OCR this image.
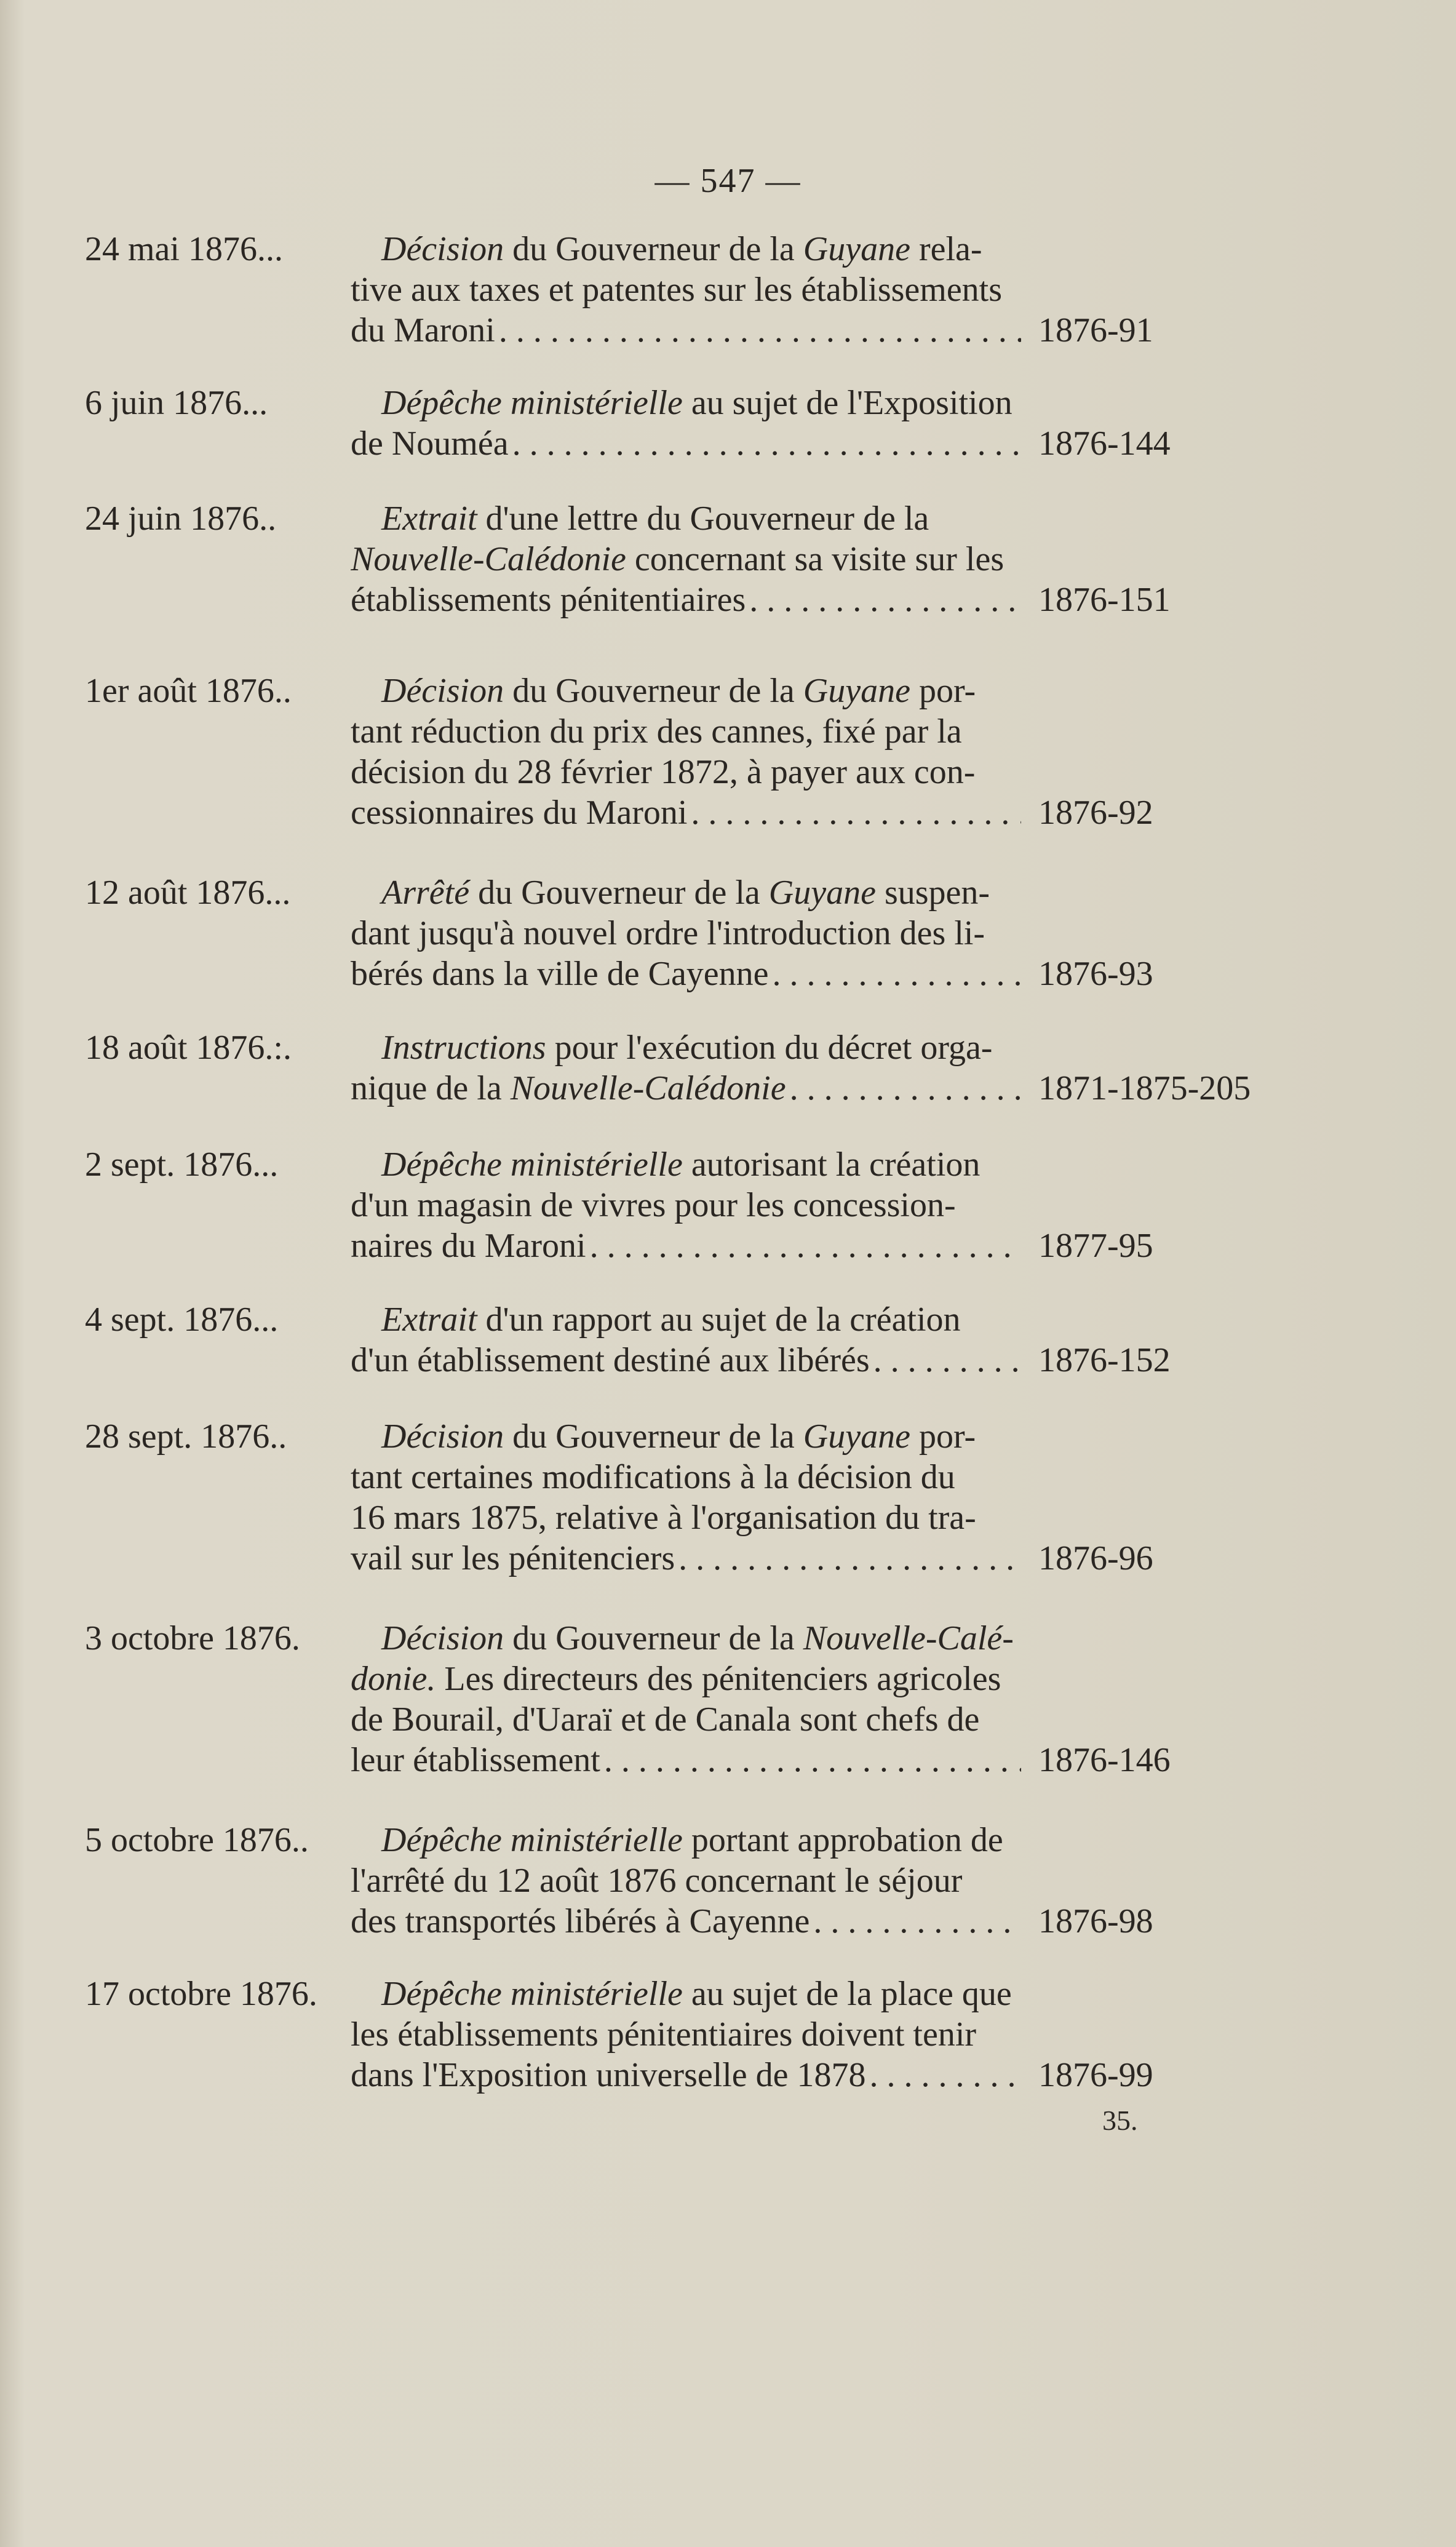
— 547 —
24 mai 1876...	Décision du Gouverneur de la Guyane rela-
tive aux taxes et patentes sur les établissements
du Maroni .....	1876-91
6 juin 1876...	Dépêche ministérielle au sujet de l'Exposition
de Nouméa .....	1876-144
24 juin 1876..	Extrait d'une lettre du Gouverneur de la
Nouvelle-Calédonie concernant sa visite sur les
établissements pénitentiaires .....	1876-151
1er août 1876..	Décision du Gouverneur de la Guyane por-
tant réduction du prix des cannes, fixé par la
décision du 28 février 1872, à payer aux con-
cessionnaires du Maroni .....	1876-92
12 août 1876...	Arrêté du Gouverneur de la Guyane suspen-
dant jusqu'à nouvel ordre l'introduction des li-
bérés dans la ville de Cayenne .....	1876-93
18 août 1876.:.	Instructions pour l'exécution du décret orga-
nique de la Nouvelle-Calédonie .....	1871-1875-205
2 sept. 1876...	Dépêche ministérielle autorisant la création
d'un magasin de vivres pour les concession-
naires du Maroni .....	1877-95
4 sept. 1876...	Extrait d'un rapport au sujet de la création
d'un établissement destiné aux libérés .....	1876-152
28 sept. 1876..	Décision du Gouverneur de la Guyane por-
tant certaines modifications à la décision du
16 mars 1875, relative à l'organisation du tra-
vail sur les pénitenciers .....	1876-96
3 octobre 1876.	Décision du Gouverneur de la Nouvelle-Calé-
donie. Les directeurs des pénitenciers agricoles
de Bourail, d'Uaraï et de Canala sont chefs de
leur établissement .....	1876-146
5 octobre 1876..	Dépêche ministérielle portant approbation de
l'arrêté du 12 août 1876 concernant le séjour
des transportés libérés à Cayenne .....	1876-98
17 octobre 1876.	Dépêche ministérielle au sujet de la place que
les établissements pénitentiaires doivent tenir
dans l'Exposition universelle de 1878 .....	1876-99
35.
